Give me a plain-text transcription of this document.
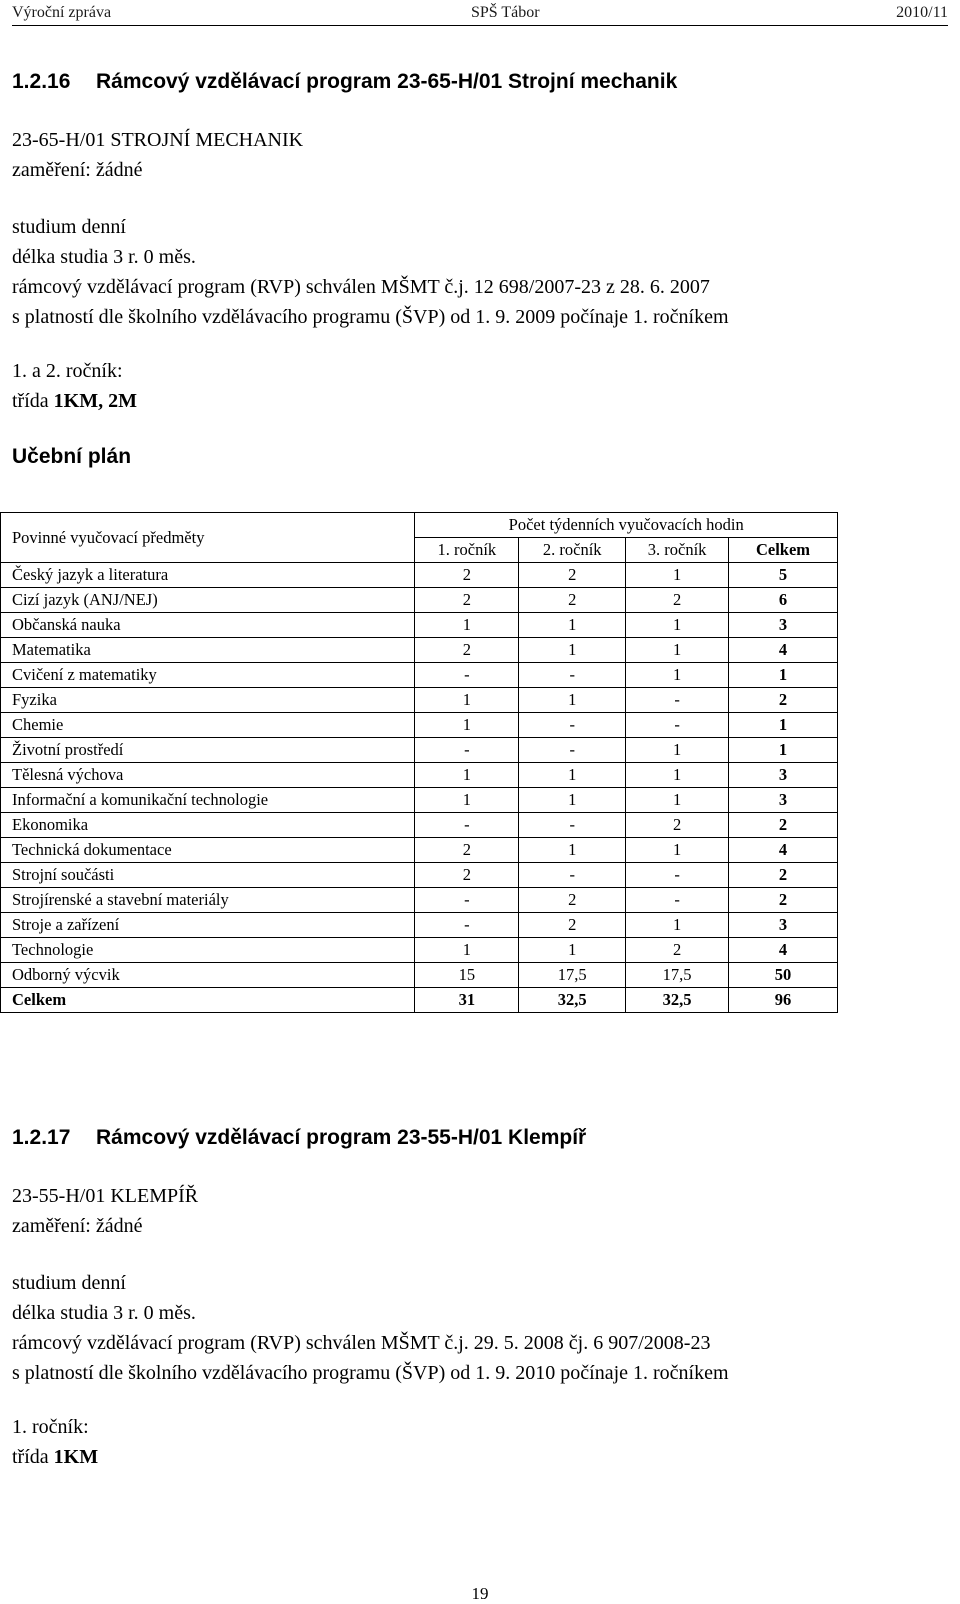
Výroční zpráva	SPŠ Tábor	2010/11
1.2.16 Rámcový vzdělávací program 23-65-H/01 Strojní mechanik
23-65-H/01 STROJNÍ MECHANIK
zaměření: žádné
studium denní
délka studia 3 r. 0 měs.
rámcový vzdělávací program (RVP) schválen MŠMT č.j. 12 698/2007-23 z 28. 6. 2007
s platností dle školního vzdělávacího programu (ŠVP) od 1. 9. 2009 počínaje 1. ročníkem
1. a 2. ročník:
třída 1KM, 2M
Učební plán
Povinné vyučovací předměty	Počet týdenních vyučovacích hodin			
	1. ročník	2. ročník	3. ročník	Celkem
Český jazyk a literatura	2	2	1	5
Cizí jazyk (ANJ/NEJ)	2	2	2	6
Občanská nauka	1	1	1	3
Matematika	2	1	1	4
Cvičení z matematiky	-	-	1	1
Fyzika	1	1	-	2
Chemie	1	-	-	1
Životní prostředí	-	-	1	1
Tělesná výchova	1	1	1	3
Informační a komunikační technologie	1	1	1	3
Ekonomika	-	-	2	2
Technická dokumentace	2	1	1	4
Strojní součásti	2	-	-	2
Strojírenské a stavební materiály	-	2	-	2
Stroje a zařízení	-	2	1	3
Technologie	1	1	2	4
Odborný výcvik	15	17,5	17,5	50
Celkem	31	32,5	32,5	96
1.2.17 Rámcový vzdělávací program 23-55-H/01 Klempíř
23-55-H/01 KLEMPÍŘ
zaměření: žádné
studium denní
délka studia 3 r. 0 měs.
rámcový vzdělávací program (RVP) schválen MŠMT č.j. 29. 5. 2008 čj. 6 907/2008-23
s platností dle školního vzdělávacího programu (ŠVP) od 1. 9. 2010 počínaje 1. ročníkem
1. ročník:
třída 1KM
19
